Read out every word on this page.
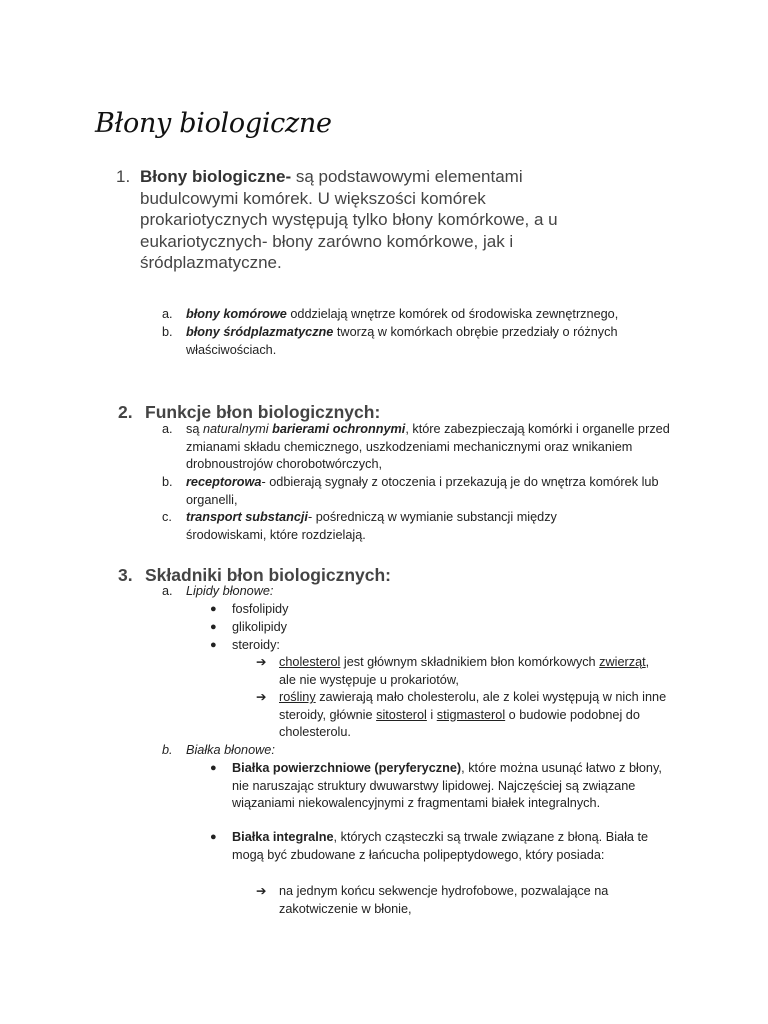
Błony biologiczne
1. Błony biologiczne- są podstawowymi elementami budulcowymi komórek. U większości komórek prokariotycznych występują tylko błony komórkowe, a u eukariotycznych- błony zarówno komórkowe, jak i śródplazmatyczne.
a. błony komórowe oddzielają wnętrze komórek od środowiska zewnętrznego,
b. błony śródplazmatyczne tworzą w komórkach obrębie przedziały o różnych właściwościach.
2. Funkcje błon biologicznych:
a. są naturalnymi barierami ochronnymi, które zabezpieczają komórki i organelle przed zmianami składu chemicznego, uszkodzeniami mechanicznymi oraz wnikaniem drobnoustrojów chorobotwórczych,
b. receptorowa- odbierają sygnały z otoczenia i przekazują je do wnętrza komórek lub organelli,
c. transport substancji- pośredniczą w wymianie substancji między środowiskami, które rozdzielają.
3. Składniki błon biologicznych:
a. Lipidy błonowe:
● fosfolipidy
● glikolipidy
● steroidy:
➔ cholesterol jest głównym składnikiem błon komórkowych zwierząt, ale nie występuje u prokariotów,
➔ rośliny zawierają mało cholesterolu, ale z kolei występują w nich inne steroidy, głównie sitosterol i stigmasterol o budowie podobnej do cholesterolu.
b. Białka błonowe:
● Białka powierzchniowe (peryferyczne), które można usunąć łatwo z błony, nie naruszając struktury dwuwarstwy lipidowej. Najczęściej są związane wiązaniami niekowalencyjnymi z fragmentami białek integralnych.
● Białka integralne, których cząsteczki są trwale związane z błoną. Biała te mogą być zbudowane z łańcucha polipeptydowego, który posiada:
➔ na jednym końcu sekwencje hydrofobowe, pozwalające na zakotwiczenie w błonie,
